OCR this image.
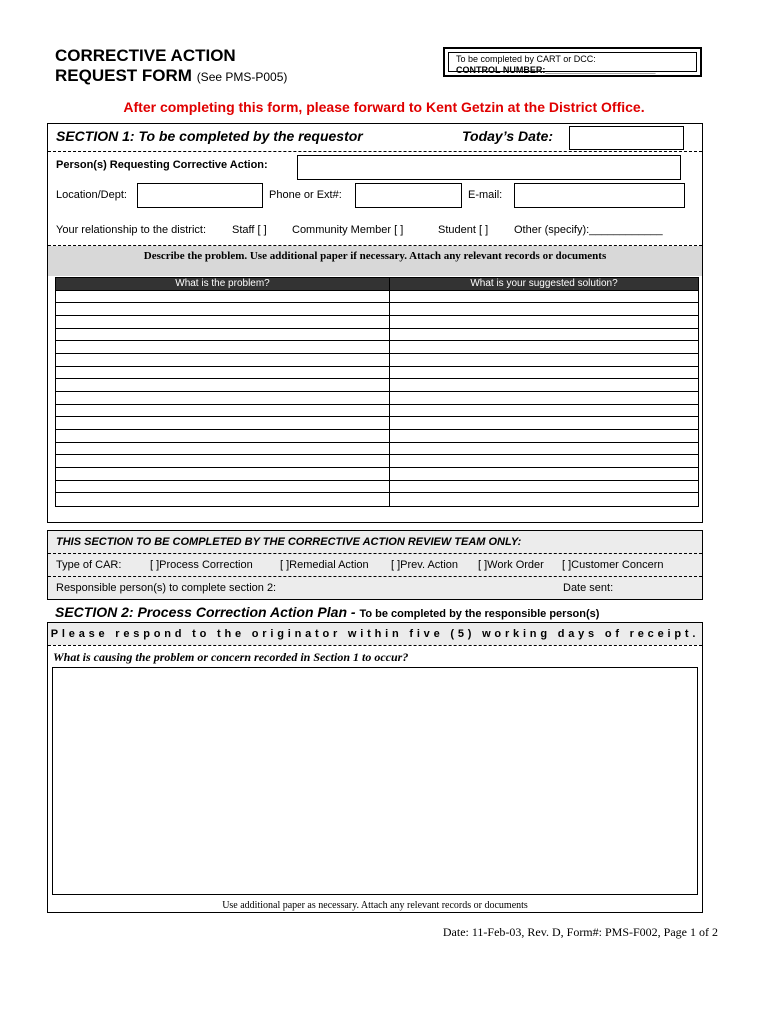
CORRECTIVE ACTION
REQUEST FORM (See PMS-P005)
To be completed by CART or DCC:
CONTROL NUMBER:______________________
After completing this form, please forward to Kent Getzin at the District Office.
SECTION 1: To be completed by the requestor	Today’s Date:
Person(s) Requesting Corrective Action:
Location/Dept:	Phone or Ext#:	E-mail:
Your relationship to the district: Staff [ ] Community Member [ ]	Student [ ] Other (specify):____________
Describe the problem. Use additional paper if necessary. Attach any relevant records or documents
What is the problem?	What is your suggested solution?
THIS SECTION TO BE COMPLETED BY THE CORRECTIVE ACTION REVIEW TEAM ONLY:
Type of CAR:	[ ]Process Correction [ ]Remedial Action [ ]Prev. Action [ ]Work Order [ ]Customer Concern
Responsible person(s) to complete section 2:	Date sent:
SECTION 2: Process Correction Action Plan - To be completed by the responsible person(s)
Please respond to the originator within five (5) working days of receipt.
What is causing the problem or concern recorded in Section 1 to occur?
Use additional paper as necessary. Attach any relevant records or documents
Date: 11-Feb-03, Rev. D, Form#: PMS-F002, Page 1 of 2
